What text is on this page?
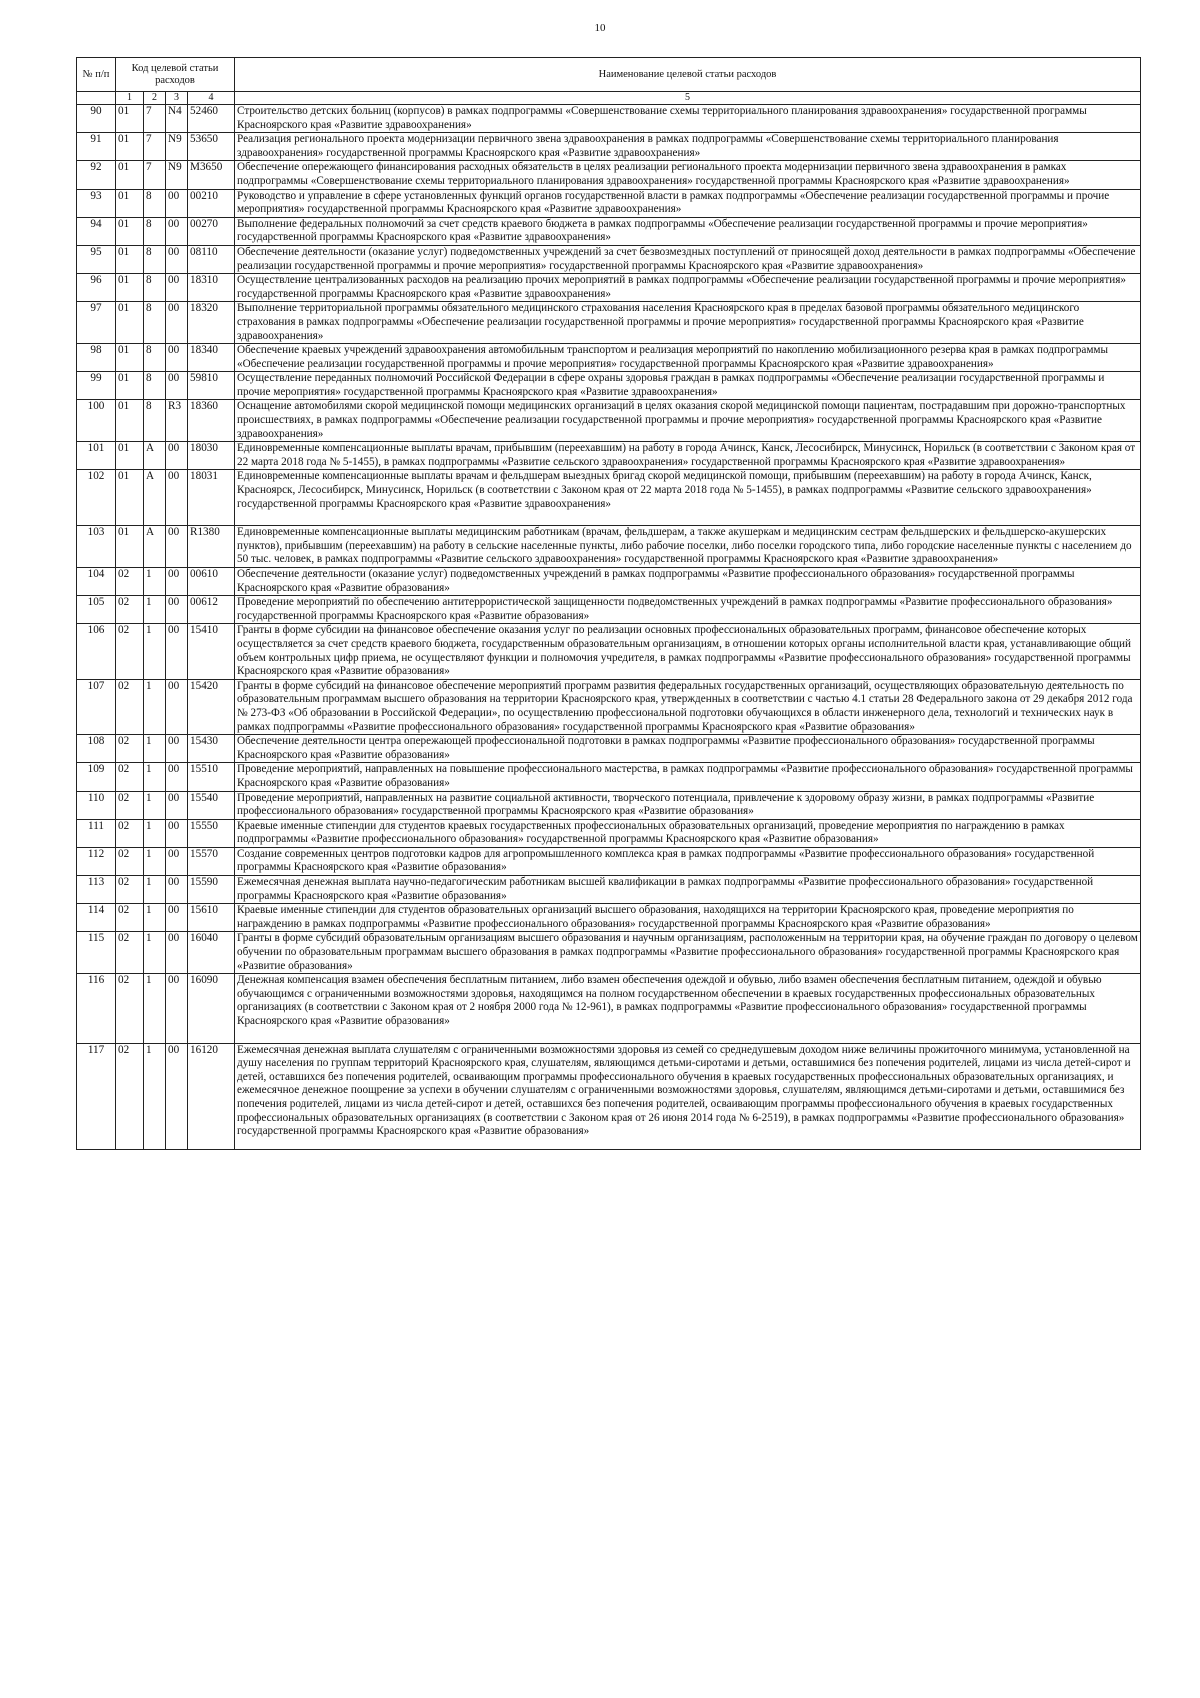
10
№ п/п	Код целевой статьи расходов				Наименование целевой статьи расходов

	1	2	3	4	5
90	01	7	N4	52460	Строительство детских больниц (корпусов) в рамках подпрограммы «Совершенствование схемы территориального планирования здравоохранения» государственной программы Красноярского края «Развитие здравоохранения»
91	01	7	N9	53650	Реализация регионального проекта модернизации первичного звена здравоохранения в рамках подпрограммы «Совершенствование схемы территориального планирования здравоохранения» государственной программы Красноярского края «Развитие здравоохранения»
92	01	7	N9	M3650	Обеспечение опережающего финансирования расходных обязательств в целях реализации регионального проекта модернизации первичного звена здравоохранения в рамках подпрограммы «Совершенствование схемы территориального планирования здравоохранения» государственной программы Красноярского края «Развитие здравоохранения»
93	01	8	00	00210	Руководство и управление в сфере установленных функций органов государственной власти в рамках подпрограммы «Обеспечение реализации государственной программы и прочие мероприятия» государственной программы Красноярского края «Развитие здравоохранения»
94	01	8	00	00270	Выполнение федеральных полномочий за счет средств краевого бюджета в рамках подпрограммы «Обеспечение реализации государственной программы и прочие мероприятия» государственной программы Красноярского края «Развитие здравоохранения»
95	01	8	00	08110	Обеспечение деятельности (оказание услуг) подведомственных учреждений за счет безвозмездных поступлений от приносящей доход деятельности в рамках подпрограммы «Обеспечение реализации государственной программы и прочие мероприятия» государственной программы Красноярского края «Развитие здравоохранения»
96	01	8	00	18310	Осуществление централизованных расходов на реализацию прочих мероприятий в рамках подпрограммы «Обеспечение реализации государственной программы и прочие мероприятия» государственной программы Красноярского края «Развитие здравоохранения»
97	01	8	00	18320	Выполнение территориальной программы обязательного медицинского страхования населения Красноярского края в пределах базовой программы обязательного медицинского страхования в рамках подпрограммы «Обеспечение реализации государственной программы и прочие мероприятия» государственной программы Красноярского края «Развитие здравоохранения»
98	01	8	00	18340	Обеспечение краевых учреждений здравоохранения автомобильным транспортом и реализация мероприятий по накоплению мобилизационного резерва края в рамках подпрограммы «Обеспечение реализации государственной программы и прочие мероприятия» государственной программы Красноярского края «Развитие здравоохранения»
99	01	8	00	59810	Осуществление переданных полномочий Российской Федерации в сфере охраны здоровья граждан в рамках подпрограммы «Обеспечение реализации государственной программы и прочие мероприятия» государственной программы Красноярского края «Развитие здравоохранения»
100	01	8	R3	18360	Оснащение автомобилями скорой медицинской помощи медицинских организаций в целях оказания скорой медицинской помощи пациентам, пострадавшим при дорожно-транспортных происшествиях, в рамках подпрограммы «Обеспечение реализации государственной программы и прочие мероприятия» государственной программы Красноярского края «Развитие здравоохранения»
101	01	А	00	18030	Единовременные компенсационные выплаты врачам, прибывшим (переехавшим) на работу в города Ачинск, Канск, Лесосибирск, Минусинск, Норильск (в соответствии с Законом края от 22 марта 2018 года № 5-1455), в рамках подпрограммы «Развитие сельского здравоохранения» государственной программы Красноярского края «Развитие здравоохранения»
102	01	А	00	18031	Единовременные компенсационные выплаты врачам и фельдшерам выездных бригад скорой медицинской помощи, прибывшим (переехавшим) на работу в города Ачинск, Канск, Красноярск, Лесосибирск, Минусинск, Норильск (в соответствии с Законом края от 22 марта 2018 года № 5-1455), в рамках подпрограммы «Развитие сельского здравоохранения» государственной программы Красноярского края «Развитие здравоохранения»
103	01	А	00	R1380	Единовременные компенсационные выплаты медицинским работникам (врачам, фельдшерам, а также акушеркам и медицинским сестрам фельдшерских и фельдшерско-акушерских пунктов), прибывшим (переехавшим) на работу в сельские населенные пункты, либо рабочие поселки, либо поселки городского типа, либо городские населенные пункты с населением до 50 тыс. человек, в рамках подпрограммы «Развитие сельского здравоохранения» государственной программы Красноярского края «Развитие здравоохранения»
104	02	1	00	00610	Обеспечение деятельности (оказание услуг) подведомственных учреждений в рамках подпрограммы «Развитие профессионального образования» государственной программы Красноярского края «Развитие образования»
105	02	1	00	00612	Проведение мероприятий по обеспечению антитеррористической защищенности подведомственных учреждений в рамках подпрограммы «Развитие профессионального образования» государственной программы Красноярского края «Развитие образования»
106	02	1	00	15410	Гранты в форме субсидии на финансовое обеспечение оказания услуг по реализации основных профессиональных образовательных программ, финансовое обеспечение которых осуществляется за счет средств краевого бюджета, государственным образовательным организациям, в отношении которых органы исполнительной власти края, устанавливающие общий объем контрольных цифр приема, не осуществляют функции и полномочия учредителя, в рамках подпрограммы «Развитие профессионального образования» государственной программы Красноярского края «Развитие образования»
107	02	1	00	15420	Гранты в форме субсидий на финансовое обеспечение мероприятий программ развития федеральных государственных организаций, осуществляющих образовательную деятельность по образовательным программам высшего образования на территории Красноярского края, утвержденных в соответствии с частью 4.1 статьи 28 Федерального закона от 29 декабря 2012 года № 273-ФЗ «Об образовании в Российской Федерации», по осуществлению профессиональной подготовки обучающихся в области инженерного дела, технологий и технических наук в рамках подпрограммы «Развитие профессионального образования» государственной программы Красноярского края «Развитие образования»
108	02	1	00	15430	Обеспечение деятельности центра опережающей профессиональной подготовки в рамках подпрограммы «Развитие профессионального образования» государственной программы Красноярского края «Развитие образования»
109	02	1	00	15510	Проведение мероприятий, направленных на повышение профессионального мастерства, в рамках подпрограммы «Развитие профессионального образования» государственной программы Красноярского края «Развитие образования»
110	02	1	00	15540	Проведение мероприятий, направленных на развитие социальной активности, творческого потенциала, привлечение к здоровому образу жизни, в рамках подпрограммы «Развитие профессионального образования» государственной программы Красноярского края «Развитие образования»
111	02	1	00	15550	Краевые именные стипендии для студентов краевых государственных профессиональных образовательных организаций, проведение мероприятия по награждению в рамках подпрограммы «Развитие профессионального образования» государственной программы Красноярского края «Развитие образования»
112	02	1	00	15570	Создание современных центров подготовки кадров для агропромышленного комплекса края в рамках подпрограммы «Развитие профессионального образования» государственной программы Красноярского края «Развитие образования»
113	02	1	00	15590	Ежемесячная денежная выплата научно-педагогическим работникам высшей квалификации в рамках подпрограммы «Развитие профессионального образования» государственной программы Красноярского края «Развитие образования»
114	02	1	00	15610	Краевые именные стипендии для студентов образовательных организаций высшего образования, находящихся на территории Красноярского края, проведение мероприятия по награждению в рамках подпрограммы «Развитие профессионального образования» государственной программы Красноярского края «Развитие образования»
115	02	1	00	16040	Гранты в форме субсидий образовательным организациям высшего образования и научным организациям, расположенным на территории края, на обучение граждан по договору о целевом обучении по образовательным программам высшего образования в рамках подпрограммы «Развитие профессионального образования» государственной программы Красноярского края «Развитие образования»
116	02	1	00	16090	Денежная компенсация взамен обеспечения бесплатным питанием, либо взамен обеспечения одеждой и обувью, либо взамен обеспечения бесплатным питанием, одеждой и обувью обучающимся с ограниченными возможностями здоровья, находящимся на полном государственном обеспечении в краевых государственных профессиональных образовательных организациях (в соответствии с Законом края от 2 ноября 2000 года № 12-961), в рамках подпрограммы «Развитие профессионального образования» государственной программы Красноярского края «Развитие образования»
117	02	1	00	16120	Ежемесячная денежная выплата слушателям с ограниченными возможностями здоровья из семей со среднедушевым доходом ниже величины прожиточного минимума, установленной на душу населения по группам территорий Красноярского края, слушателям, являющимся детьми-сиротами и детьми, оставшимися без попечения родителей, лицами из числа детей-сирот и детей, оставшихся без попечения родителей, осваивающим программы профессионального обучения в краевых государственных профессиональных образовательных организациях, и ежемесячное денежное поощрение за успехи в обучении слушателям с ограниченными возможностями здоровья, слушателям, являющимся детьми-сиротами и детьми, оставшимися без попечения родителей, лицами из числа детей-сирот и детей, оставшихся без попечения родителей, осваивающим программы профессионального обучения в краевых государственных профессиональных образовательных организациях (в соответствии с Законом края от 26 июня 2014 года № 6-2519), в рамках подпрограммы «Развитие профессионального образования» государственной программы Красноярского края «Развитие образования»
